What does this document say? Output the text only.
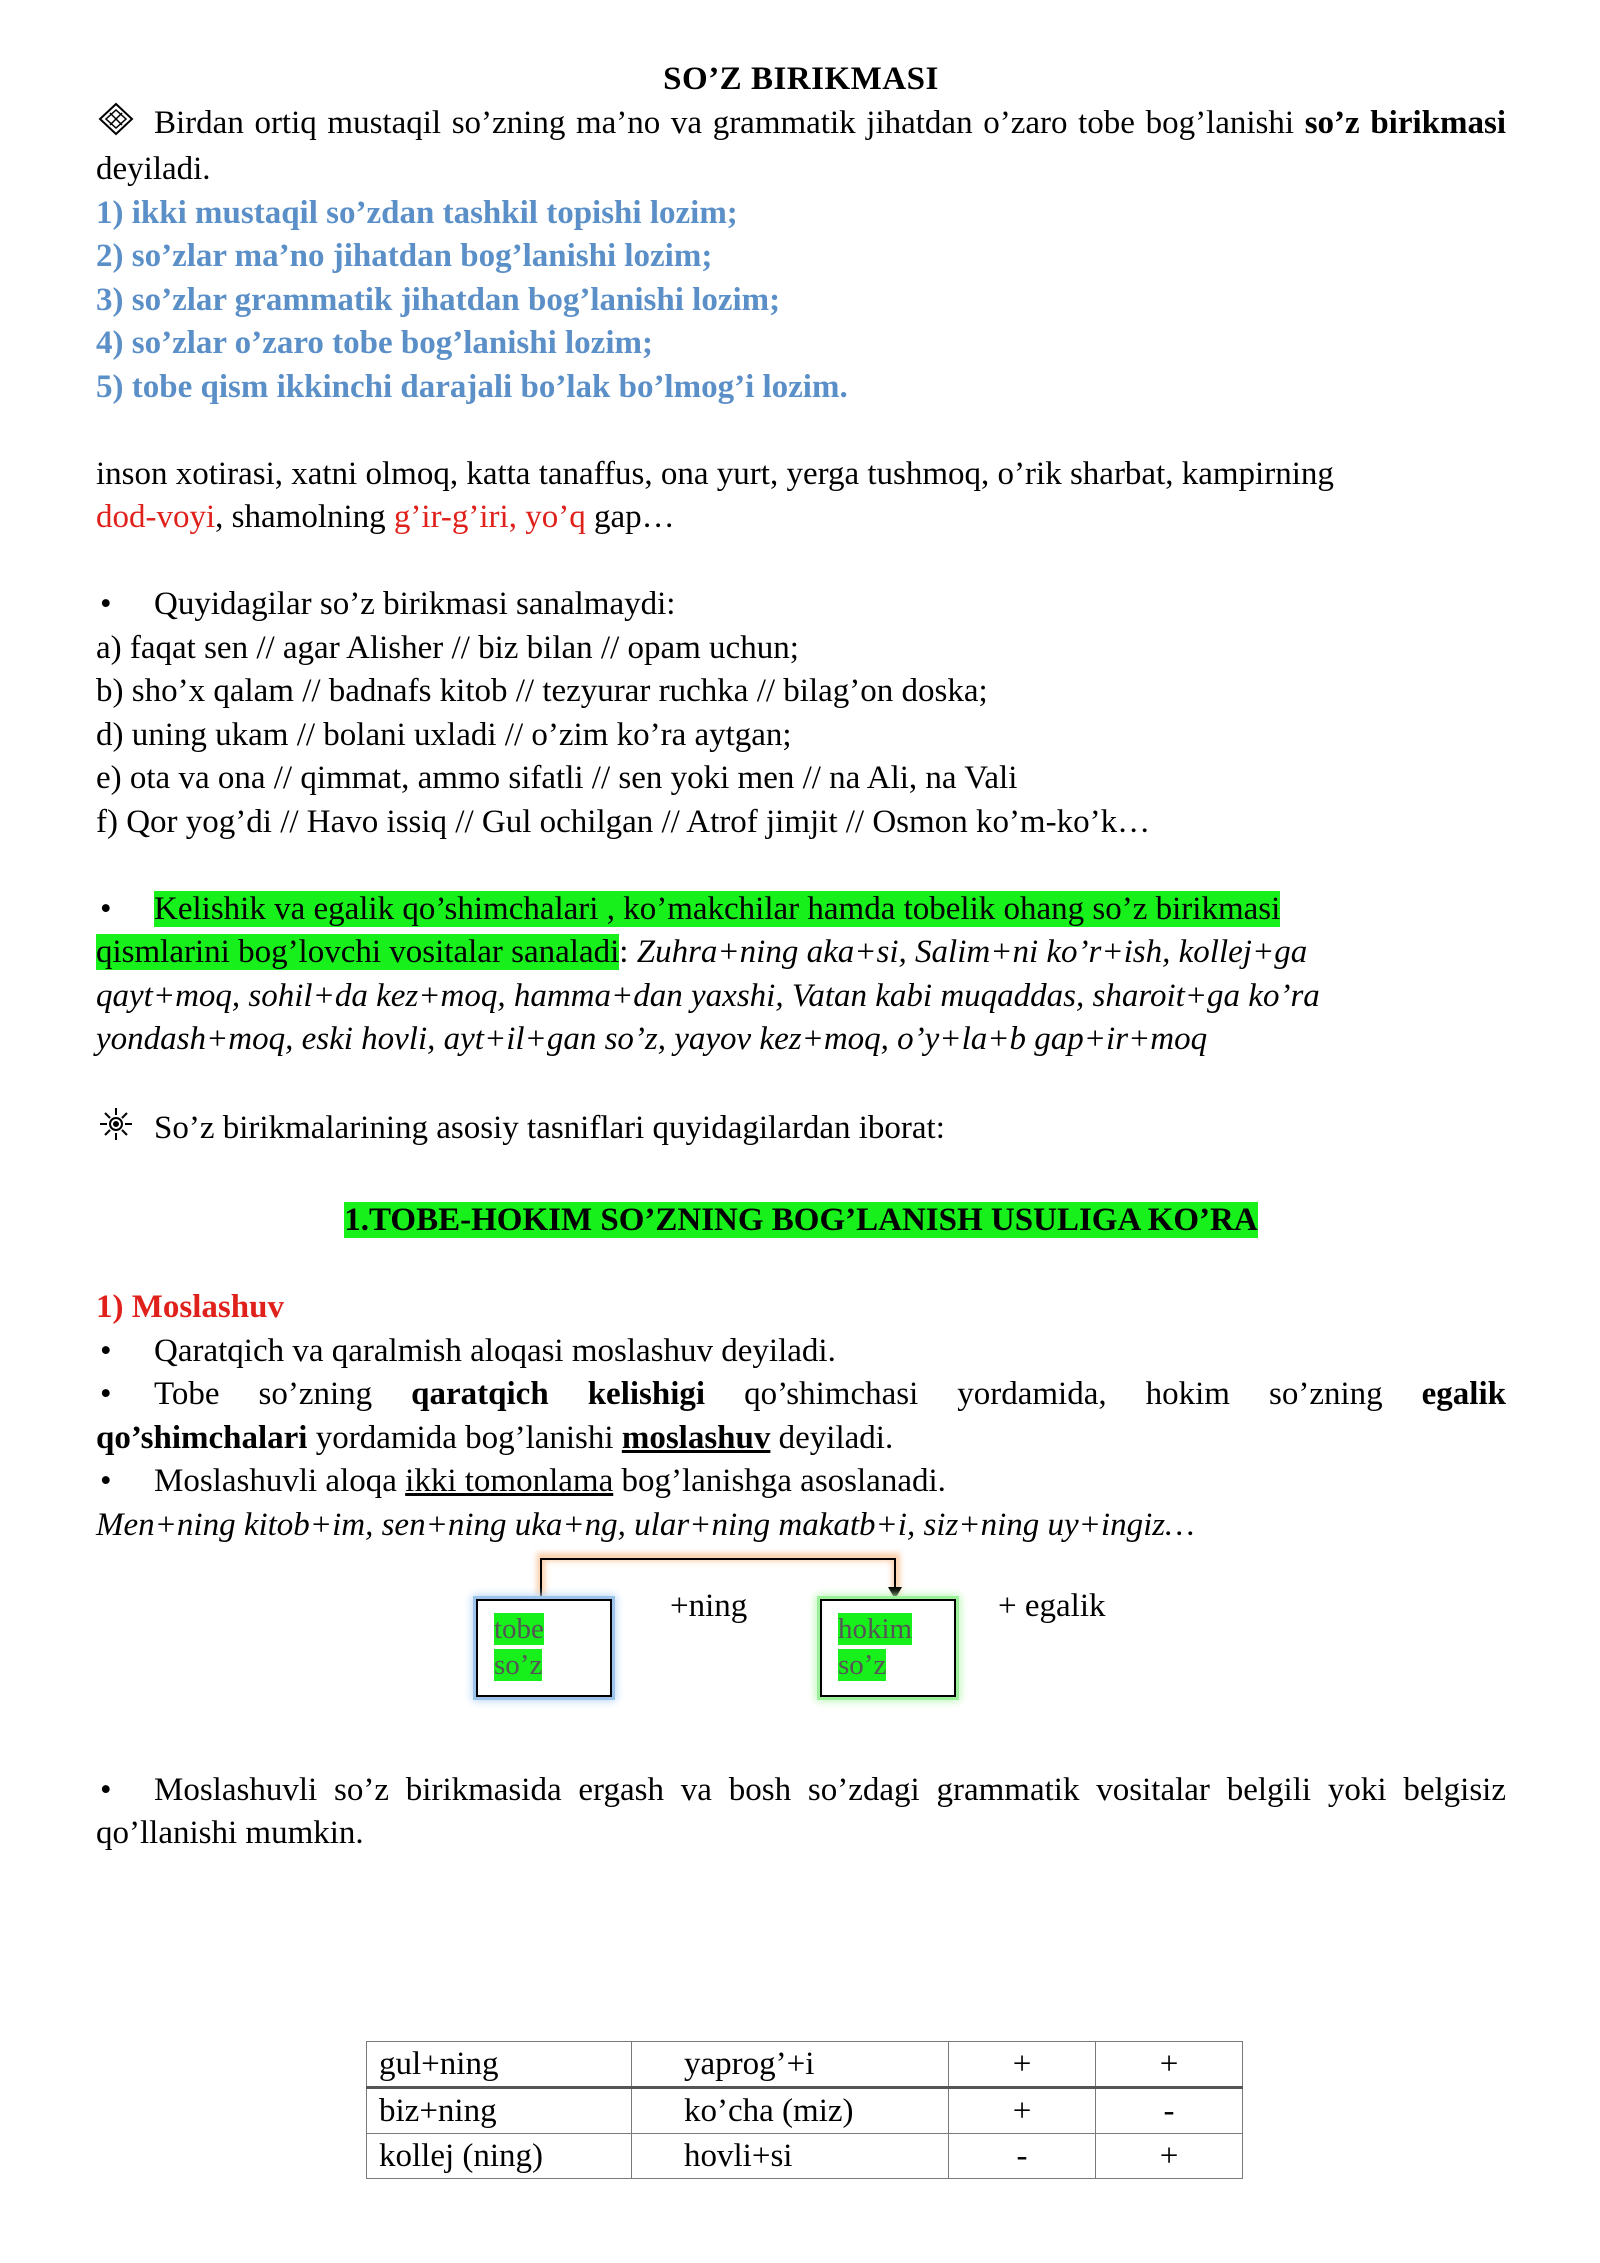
SO’Z BIRIKMASI

Birdan ortiq mustaqil so’zning ma’no va grammatik jihatdan o’zaro tobe bog’lanishi so’z birikmasi deyiladi.

1) ikki mustaqil so’zdan tashkil topishi lozim;

2) so’zlar ma’no jihatdan bog’lanishi lozim;

3) so’zlar grammatik jihatdan bog’lanishi lozim;

4) so’zlar o’zaro tobe bog’lanishi lozim;

5) tobe qism ikkinchi darajali bo’lak bo’lmog’i lozim.

inson xotirasi, xatni olmoq, katta tanaffus, ona yurt, yerga tushmoq, o’rik sharbat, kampirning

dod-voyi, shamolning g’ir-g’iri, yo’q gap…

• Quyidagilar so’z birikmasi sanalmaydi:

a) faqat sen // agar Alisher // biz bilan // opam uchun;

b) sho’x qalam // badnafs kitob // tezyurar ruchka // bilag’on doska;

d) uning ukam // bolani uxladi // o’zim ko’ra aytgan;

e) ota va ona // qimmat, ammo sifatli // sen yoki men // na Ali, na Vali

f) Qor yog’di // Havo issiq // Gul ochilgan // Atrof jimjit // Osmon ko’m-ko’k…

• Kelishik va egalik qo’shimchalari , ko’makchilar hamda tobelik ohang so’z birikmasi

qismlarini bog’lovchi vositalar sanaladi: Zuhra+ning aka+si, Salim+ni ko’r+ish, kollej+ga

qayt+moq, sohil+da kez+moq, hamma+dan yaxshi, Vatan kabi muqaddas, sharoit+ga ko’ra

yondash+moq, eski hovli, ayt+il+gan so’z, yayov kez+moq, o’y+la+b gap+ir+moq

So’z birikmalarining asosiy tasniflari quyidagilardan iborat:

1.TOBE-HOKIM SO’ZNING BOG’LANISH USULIGA KO’RA

1) Moslashuv

• Qaratqich va qaralmish aloqasi moslashuv deyiladi.

• Tobe so’zning qaratqich kelishigi qo’shimchasi yordamida, hokim so’zning egalik

qo’shimchalari yordamida bog’lanishi moslashuv deyiladi.

• Moslashuvli aloqa ikki tomonlama bog’lanishga asoslanadi.

Men+ning kitob+im, sen+ning uka+ng, ular+ning makatb+i, siz+ning uy+ingiz…

tobe
so’z
+ning
hokim
so’z
+ egalik

• Moslashuvli so’z birikmasida ergash va bosh so’zdagi grammatik vositalar belgili yoki belgisiz qo’llanishi mumkin.

gul+ning	yaprog’+i	+	+
biz+ning	ko’cha (miz)	+	-
kollej (ning)	hovli+si	-	+
